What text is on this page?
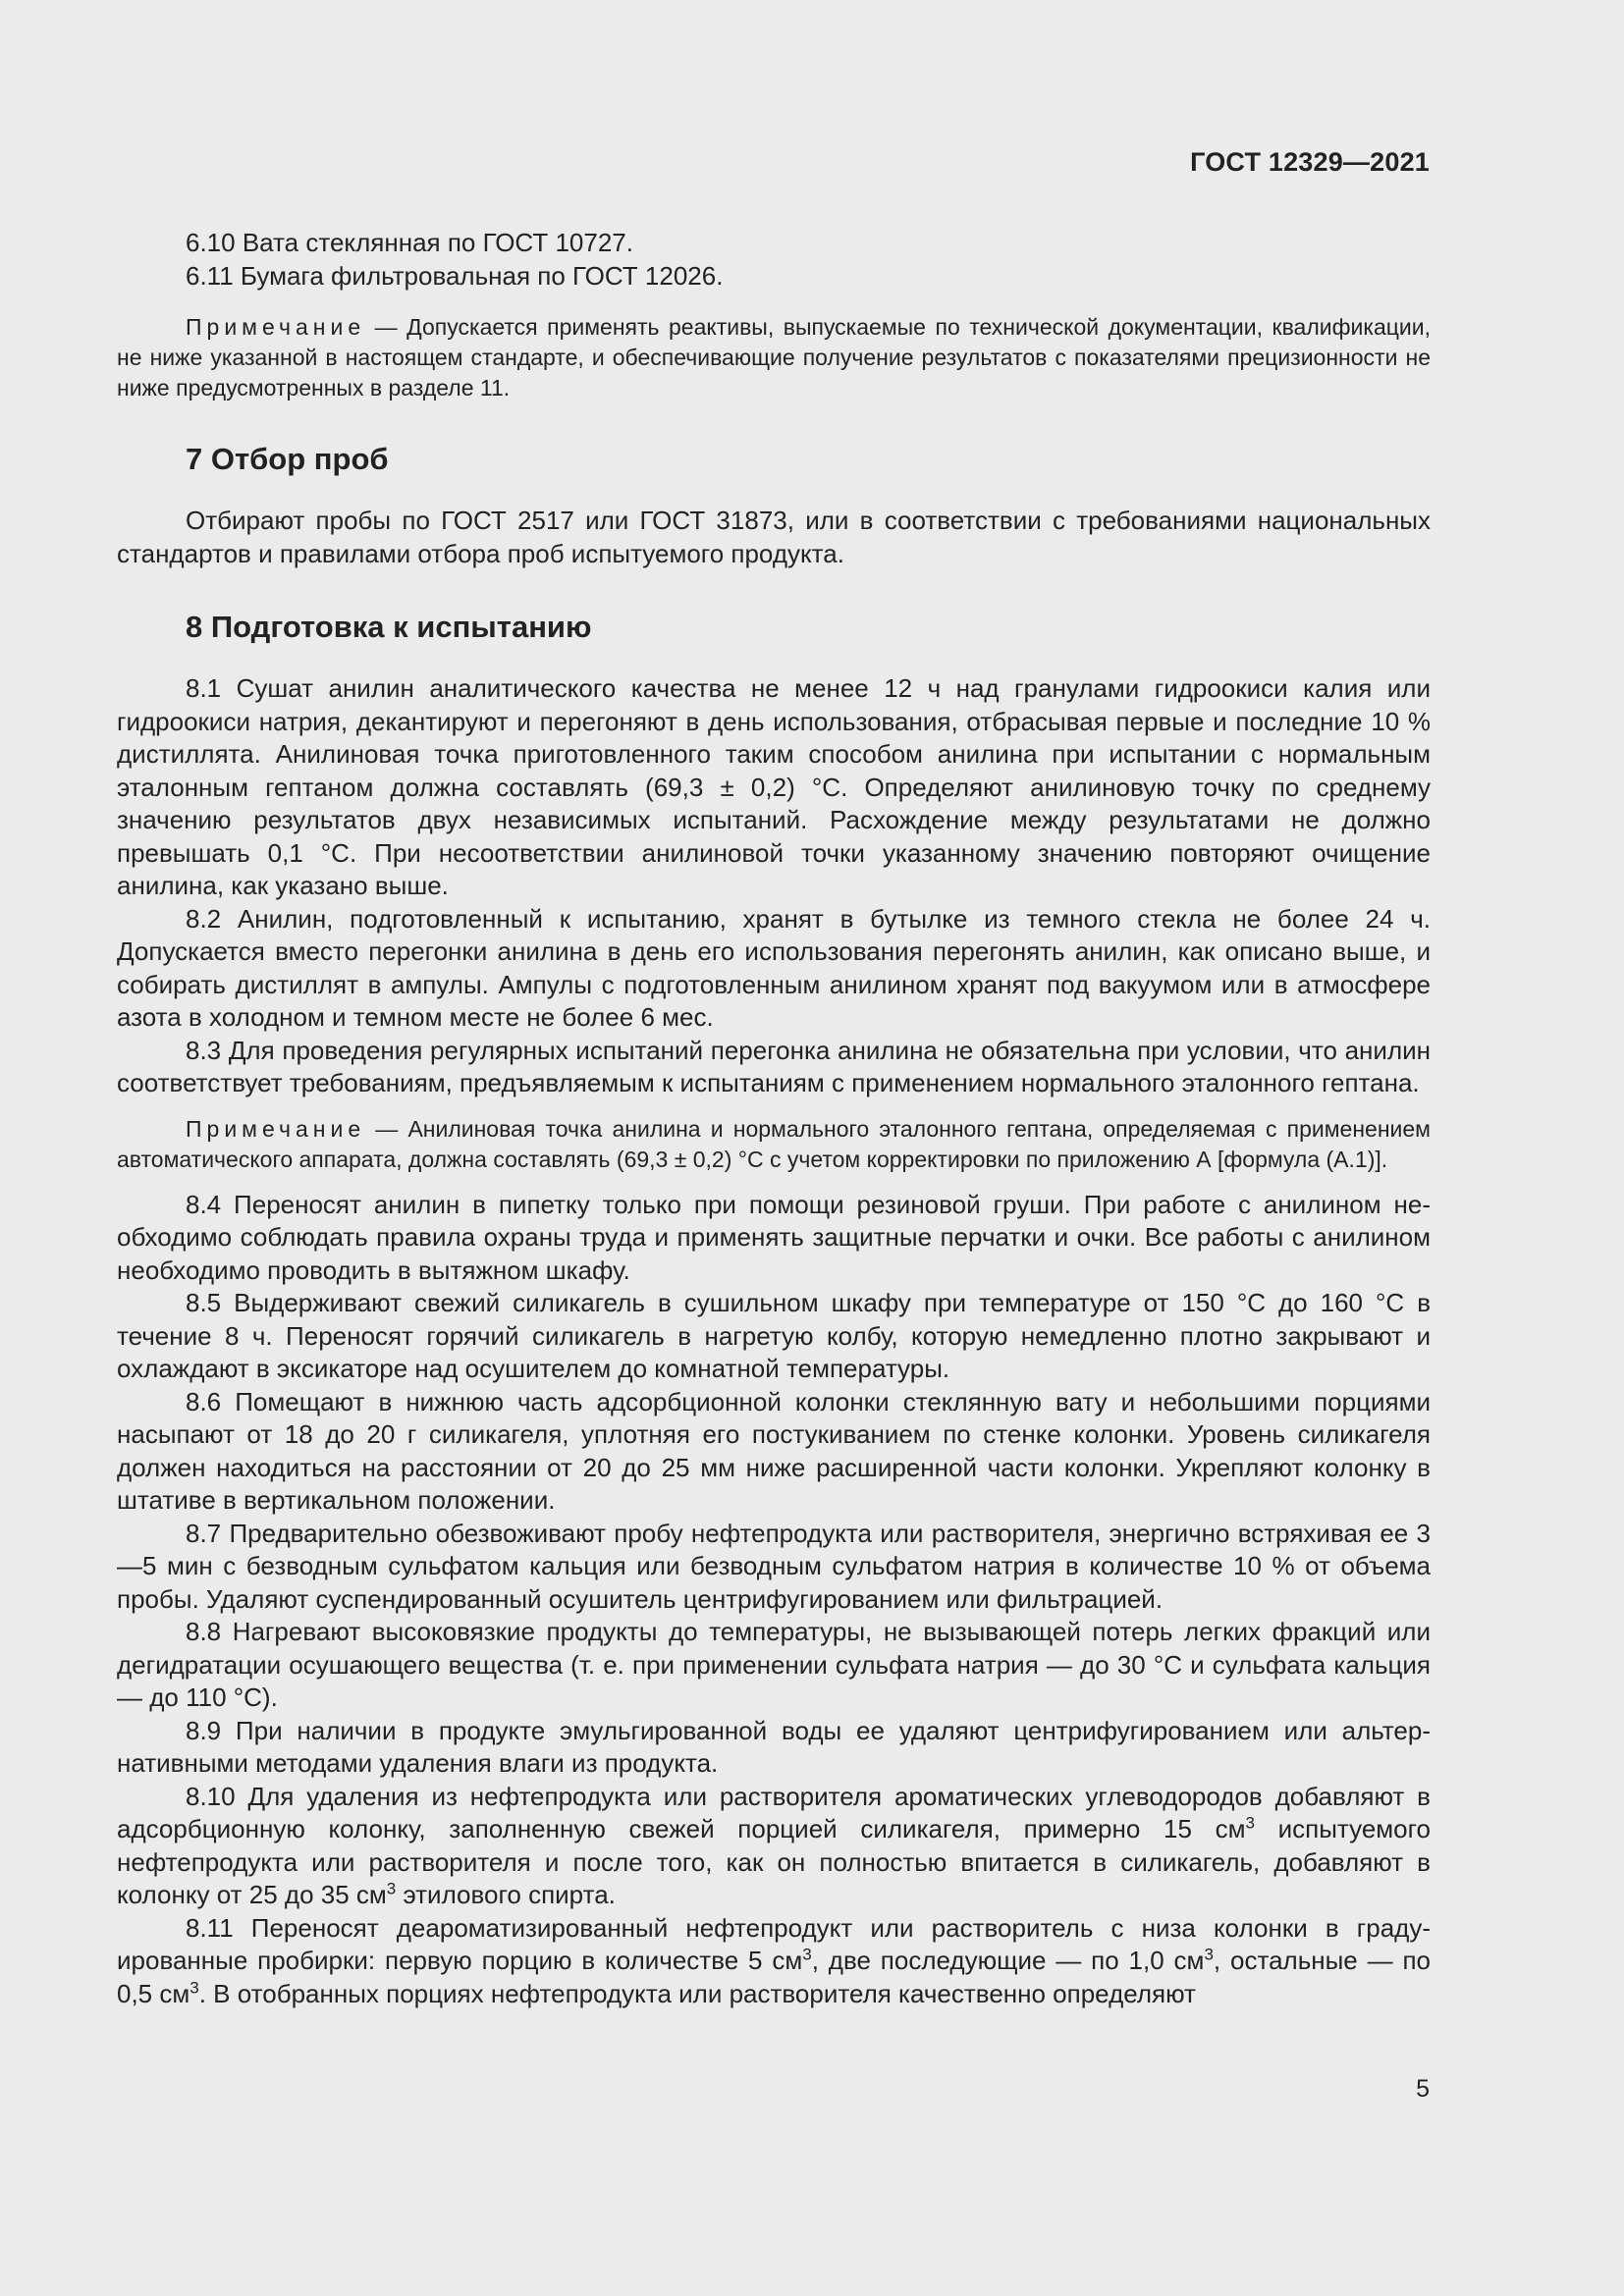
ГОСТ 12329—2021

6.10 Вата стеклянная по ГОСТ 10727.

6.11 Бумага фильтровальная по ГОСТ 12026.

Примечание — Допускается применять реактивы, выпускаемые по технической документации, квалификации, не ниже указанной в настоящем стандарте, и обеспечивающие получение результатов с показателями прецизионности не ниже предусмотренных в разделе 11.

7 Отбор проб

Отбирают пробы по ГОСТ 2517 или ГОСТ 31873, или в соответствии с требованиями национальных стандартов и правилами отбора проб испытуемого продукта.

8 Подготовка к испытанию

8.1 Сушат анилин аналитического качества не менее 12 ч над гранулами гидроокиси калия или гидроокиси натрия, декантируют и перегоняют в день использования, отбрасывая первые и последние 10 % дистиллята. Анилиновая точка приготовленного таким способом анилина при испытании с нормальным эталонным гептаном должна составлять (69,3 ± 0,2) °C. Определяют анилиновую точку по среднему значению результатов двух независимых испытаний. Расхождение между результатами не должно превышать 0,1 °C. При несоответствии анилиновой точки указанному значению повторяют очищение анилина, как указано выше.

8.2 Анилин, подготовленный к испытанию, хранят в бутылке из темного стекла не более 24 ч. Допускается вместо перегонки анилина в день его использования перегонять анилин, как описано выше, и собирать дистиллят в ампулы. Ампулы с подготовленным анилином хранят под вакуумом или в атмосфере азота в холодном и темном месте не более 6 мес.

8.3 Для проведения регулярных испытаний перегонка анилина не обязательна при условии, что анилин соответствует требованиям, предъявляемым к испытаниям с применением нормального эталонного гептана.

Примечание — Анилиновая точка анилина и нормального эталонного гептана, определяемая с применением автоматического аппарата, должна составлять (69,3 ± 0,2) °C с учетом корректировки по приложению А [формула (А.1)].

8.4 Переносят анилин в пипетку только при помощи резиновой груши. При работе с анилином необходимо соблюдать правила охраны труда и применять защитные перчатки и очки. Все работы с анилином необходимо проводить в вытяжном шкафу.

8.5 Выдерживают свежий силикагель в сушильном шкафу при температуре от 150 °C до 160 °C в течение 8 ч. Переносят горячий силикагель в нагретую колбу, которую немедленно плотно закрывают и охлаждают в эксикаторе над осушителем до комнатной температуры.

8.6 Помещают в нижнюю часть адсорбционной колонки стеклянную вату и небольшими порциями насыпают от 18 до 20 г силикагеля, уплотняя его постукиванием по стенке колонки. Уровень силикагеля должен находиться на расстоянии от 20 до 25 мм ниже расширенной части колонки. Укрепляют колонку в штативе в вертикальном положении.

8.7 Предварительно обезвоживают пробу нефтепродукта или растворителя, энергично встряхивая ее 3—5 мин с безводным сульфатом кальция или безводным сульфатом натрия в количестве 10 % от объема пробы. Удаляют суспендированный осушитель центрифугированием или фильтрацией.

8.8 Нагревают высоковязкие продукты до температуры, не вызывающей потерь легких фракций или дегидратации осушающего вещества (т. е. при применении сульфата натрия — до 30 °C и сульфата кальция — до 110 °C).

8.9 При наличии в продукте эмульгированной воды ее удаляют центрифугированием или альтернативными методами удаления влаги из продукта.

8.10 Для удаления из нефтепродукта или растворителя ароматических углеводородов добавляют в адсорбционную колонку, заполненную свежей порцией силикагеля, примерно 15 $см^3$ испытуемого нефтепродукта или растворителя и после того, как он полностью впитается в силикагель, добавляют в колонку от 25 до 35 $см^3$ этилового спирта.

8.11 Переносят деароматизированный нефтепродукт или растворитель с низа колонки в градуированные пробирки: первую порцию в количестве 5 $см^3$, две последующие — по 1,0 $см^3$, остальные — по 0,5 $см^3$. В отобранных порциях нефтепродукта или растворителя качественно определяют

5
